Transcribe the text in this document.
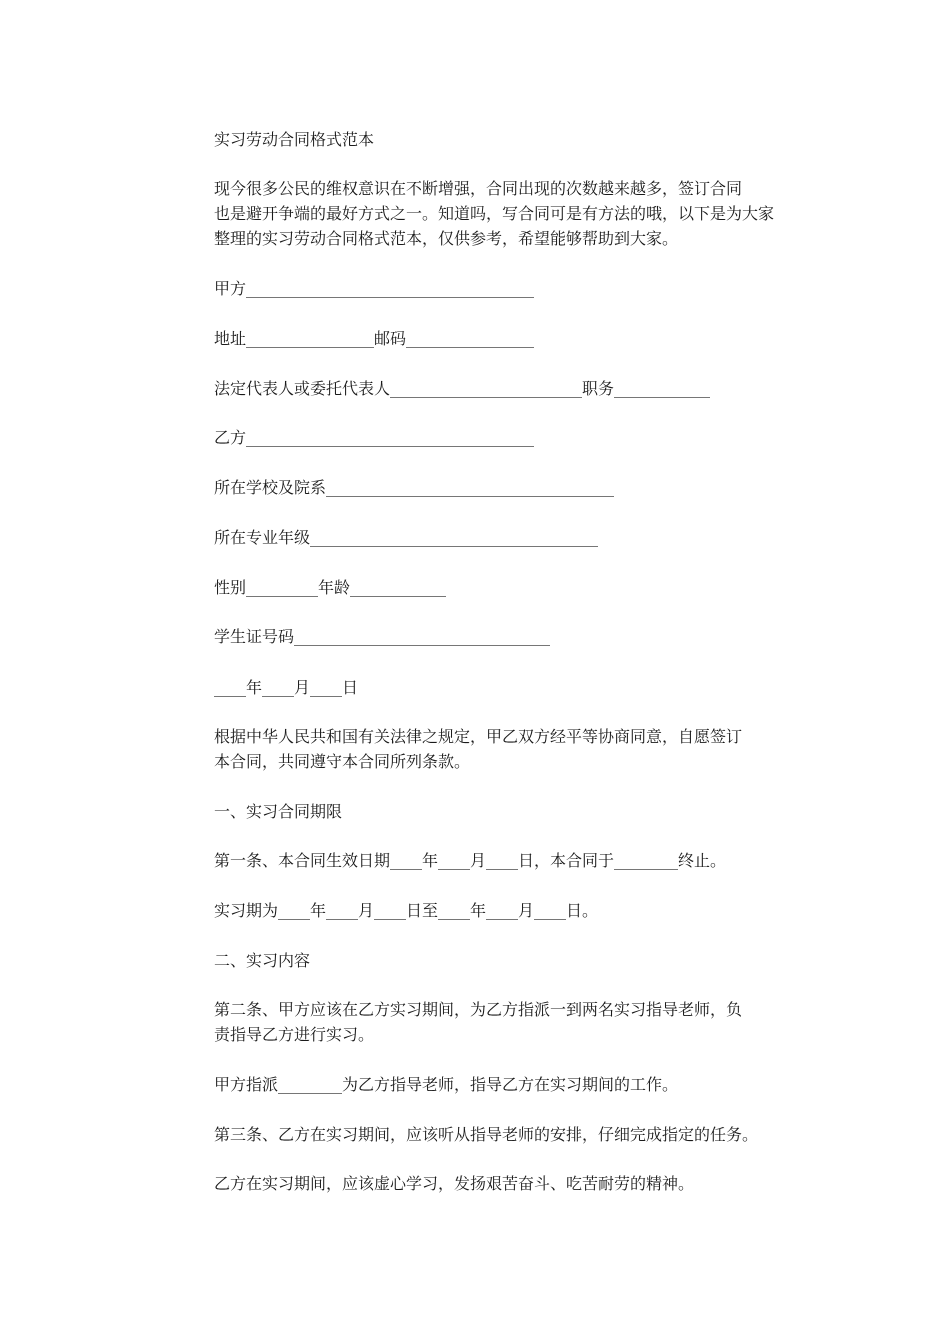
实习劳动合同格式范本
现今很多公民的维权意识在不断增强，合同出现的次数越来越多，签订合同
也是避开争端的最好方式之一。知道吗，写合同可是有方法的哦，以下是为大家
整理的实习劳动合同格式范本，仅供参考，希望能够帮助到大家。
甲方____________________________________
地址________________邮码________________
法定代表人或委托代表人________________________职务____________
乙方____________________________________
所在学校及院系____________________________________
所在专业年级____________________________________
性别_________年龄____________
学生证号码________________________________
____年____月____日
根据中华人民共和国有关法律之规定，甲乙双方经平等协商同意，自愿签订
本合同，共同遵守本合同所列条款。
一、实习合同期限
第一条、本合同生效日期____年____月____日，本合同于________终止。
实习期为____年____月____日至____年____月____日。
二、实习内容
第二条、甲方应该在乙方实习期间，为乙方指派一到两名实习指导老师，负
责指导乙方进行实习。
甲方指派________为乙方指导老师，指导乙方在实习期间的工作。
第三条、乙方在实习期间，应该听从指导老师的安排，仔细完成指定的任务。
乙方在实习期间，应该虚心学习，发扬艰苦奋斗、吃苦耐劳的精神。
